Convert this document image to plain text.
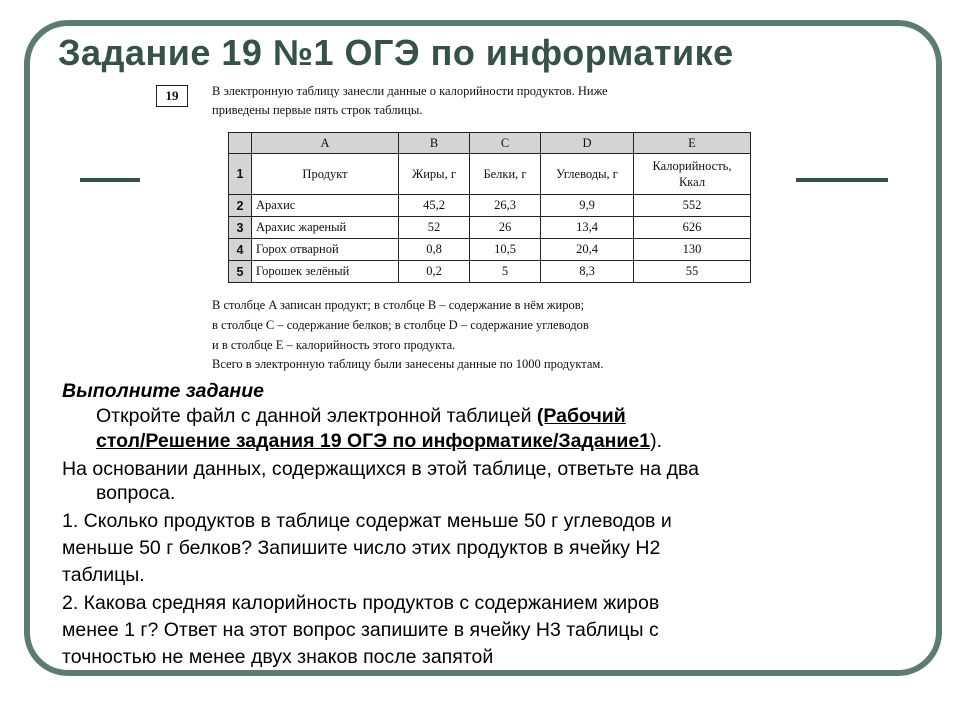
Задание 19 №1 ОГЭ по информатике
19	В электронную таблицу занесли данные о калорийности продуктов. Ниже
приведены первые пять строк таблицы.
	A	B	C	D	E
1	Продукт	Жиры, г	Белки, г	Углеводы, г	Калорийность,
Ккал
2	Арахис	45,2	26,3	9,9	552
3	Арахис жареный	52	26	13,4	626
4	Горох отварной	0,8	10,5	20,4	130
5	Горошек зелёный	0,2	5	8,3	55
В столбце A записан продукт; в столбце B – содержание в нём жиров;
в столбце C – содержание белков; в столбце D – содержание углеводов
и в столбце E – калорийность этого продукта.
Всего в электронную таблицу были занесены данные по 1000 продуктам.
Выполните задание
Откройте файл с данной электронной таблицей (Рабочий
стол/Решение задания 19 ОГЭ по информатике/Задание1).
На основании данных, содержащихся в этой таблице, ответьте на два
вопроса.
1. Сколько продуктов в таблице содержат меньше 50 г углеводов и
меньше 50 г белков? Запишите число этих продуктов в ячейку H2
таблицы.
2. Какова средняя калорийность продуктов с содержанием жиров
менее 1 г? Ответ на этот вопрос запишите в ячейку H3 таблицы с
точностью не менее двух знаков после запятой
